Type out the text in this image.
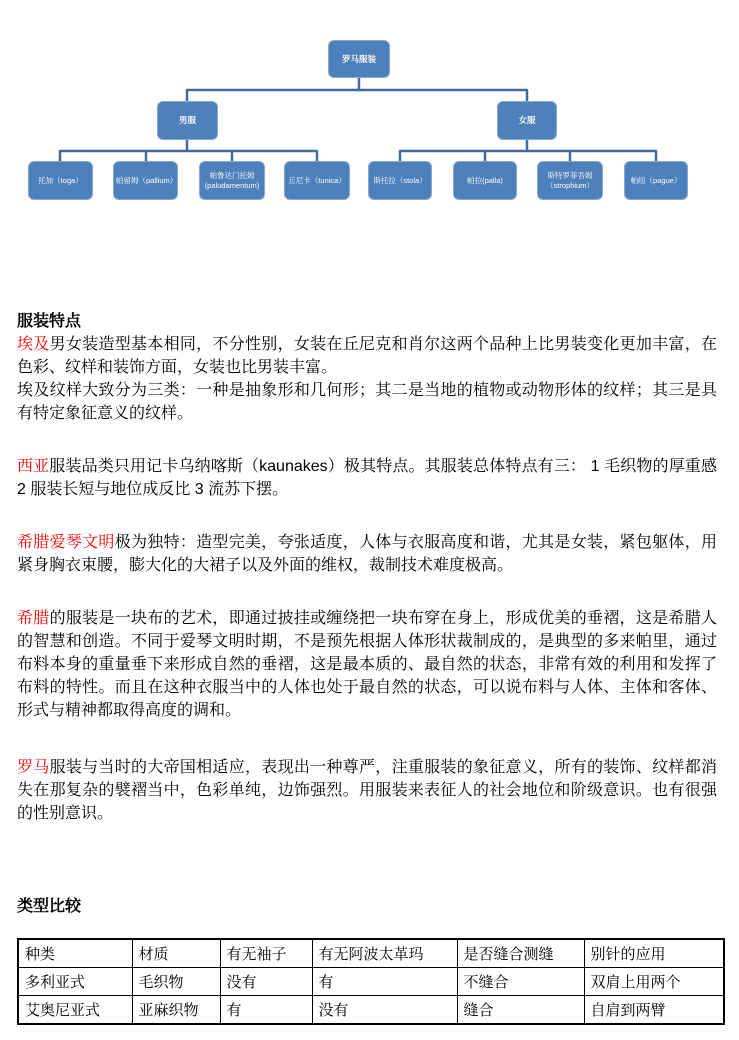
罗马服装
男服	女服
托加（toga）	帕留姆（pallium）
帕鲁达门托姆 (paludamentum)
丘尼卡（tunica）	斯托拉（stola）	帕拉(palla)
斯特罗菲吾姆（strophium）
帕纽（pague）

服装特点

埃及男女装造型基本相同，不分性别，女装在丘尼克和肖尔这两个品种上比男装变化更加丰富，在色彩、纹样和装饰方面，女装也比男装丰富。

埃及纹样大致分为三类：一种是抽象形和几何形；其二是当地的植物或动物形体的纹样；其三是具有特定象征意义的纹样。

西亚服装品类只用记卡乌纳喀斯（kaunakes）极其特点。其服装总体特点有三： 1 毛织物的厚重感 2 服装长短与地位成反比 3 流苏下摆。

希腊爱琴文明极为独特：造型完美，夸张适度，人体与衣服高度和谐，尤其是女装，紧包躯体，用紧身胸衣束腰，膨大化的大裙子以及外面的维权，裁制技术难度极高。

希腊的服装是一块布的艺术，即通过披挂或缠绕把一块布穿在身上，形成优美的垂褶，这是希腊人的智慧和创造。不同于爱琴文明时期，不是预先根据人体形状裁制成的，是典型的多来帕里，通过布料本身的重量垂下来形成自然的垂褶，这是最本质的、最自然的状态，非常有效的利用和发挥了布料的特性。而且在这种衣服当中的人体也处于最自然的状态，可以说布料与人体、主体和客体、形式与精神都取得高度的调和。

罗马服装与当时的大帝国相适应，表现出一种尊严，注重服装的象征意义，所有的装饰、纹样都消失在那复杂的襞褶当中，色彩单纯，边饰强烈。用服装来表征人的社会地位和阶级意识。也有很强的性别意识。

类型比较

种类	材质	有无袖子	有无阿波太革玛	是否缝合测缝	别针的应用
多利亚式	毛织物	没有	有	不缝合	双肩上用两个
艾奥尼亚式	亚麻织物	有	没有	缝合	自肩到两臂
